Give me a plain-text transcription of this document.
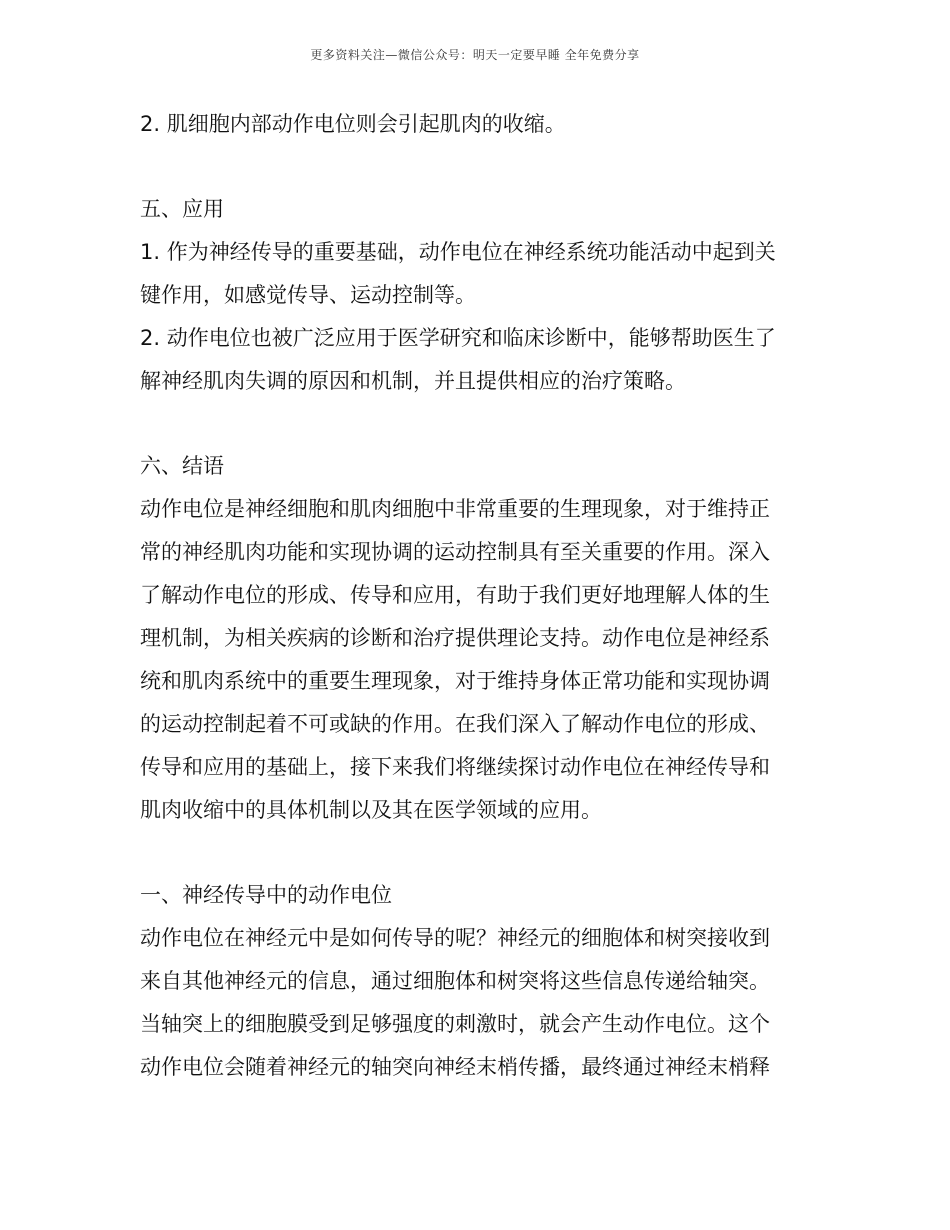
更多资料关注—微信公众号：明天一定要早睡 全年免费分享
2. 肌细胞内部动作电位则会引起肌肉的收缩。
五、应用
1. 作为神经传导的重要基础，动作电位在神经系统功能活动中起到关
键作用，如感觉传导、运动控制等。
2. 动作电位也被广泛应用于医学研究和临床诊断中，能够帮助医生了
解神经肌肉失调的原因和机制，并且提供相应的治疗策略。
六、结语
动作电位是神经细胞和肌肉细胞中非常重要的生理现象，对于维持正
常的神经肌肉功能和实现协调的运动控制具有至关重要的作用。深入
了解动作电位的形成、传导和应用，有助于我们更好地理解人体的生
理机制，为相关疾病的诊断和治疗提供理论支持。动作电位是神经系
统和肌肉系统中的重要生理现象，对于维持身体正常功能和实现协调
的运动控制起着不可或缺的作用。在我们深入了解动作电位的形成、
传导和应用的基础上，接下来我们将继续探讨动作电位在神经传导和
肌肉收缩中的具体机制以及其在医学领域的应用。
一、神经传导中的动作电位
动作电位在神经元中是如何传导的呢？神经元的细胞体和树突接收到
来自其他神经元的信息，通过细胞体和树突将这些信息传递给轴突。
当轴突上的细胞膜受到足够强度的刺激时，就会产生动作电位。这个
动作电位会随着神经元的轴突向神经末梢传播，最终通过神经末梢释
